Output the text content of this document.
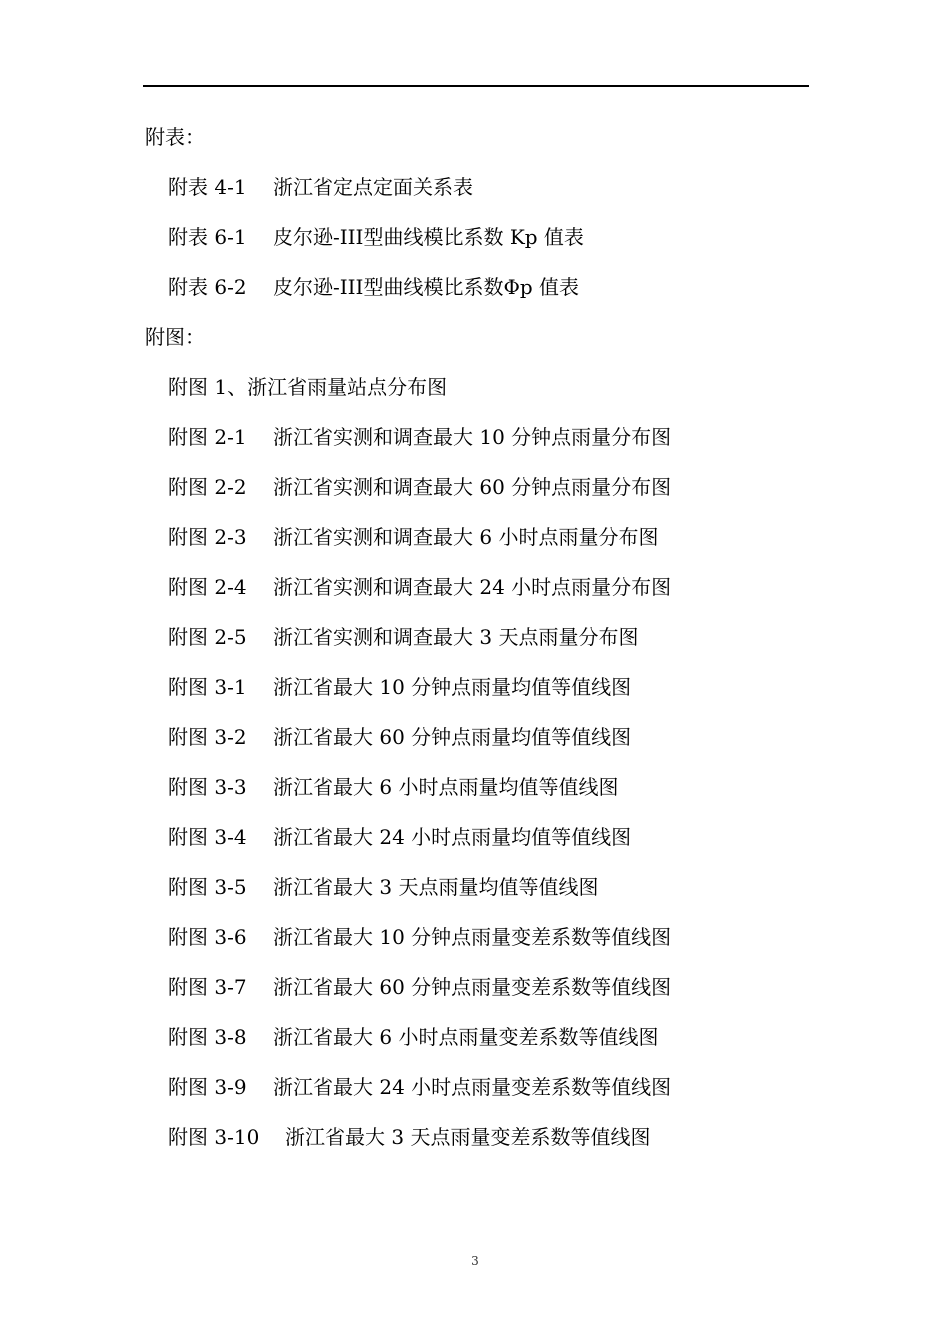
附表：
附表 4-1	浙江省定点定面关系表
附表 6-1	皮尔逊-III型曲线模比系数 Kp 值表
附表 6-2	皮尔逊-III型曲线模比系数Φp 值表
附图：
附图 1、浙江省雨量站点分布图
附图 2-1	浙江省实测和调查最大 10 分钟点雨量分布图
附图 2-2	浙江省实测和调查最大 60 分钟点雨量分布图
附图 2-3	浙江省实测和调查最大 6 小时点雨量分布图
附图 2-4	浙江省实测和调查最大 24 小时点雨量分布图
附图 2-5	浙江省实测和调查最大 3 天点雨量分布图
附图 3-1	浙江省最大 10 分钟点雨量均值等值线图
附图 3-2	浙江省最大 60 分钟点雨量均值等值线图
附图 3-3	浙江省最大 6 小时点雨量均值等值线图
附图 3-4	浙江省最大 24 小时点雨量均值等值线图
附图 3-5	浙江省最大 3 天点雨量均值等值线图
附图 3-6	浙江省最大 10 分钟点雨量变差系数等值线图
附图 3-7	浙江省最大 60 分钟点雨量变差系数等值线图
附图 3-8	浙江省最大 6 小时点雨量变差系数等值线图
附图 3-9	浙江省最大 24 小时点雨量变差系数等值线图
附图 3-10	浙江省最大 3 天点雨量变差系数等值线图
3
